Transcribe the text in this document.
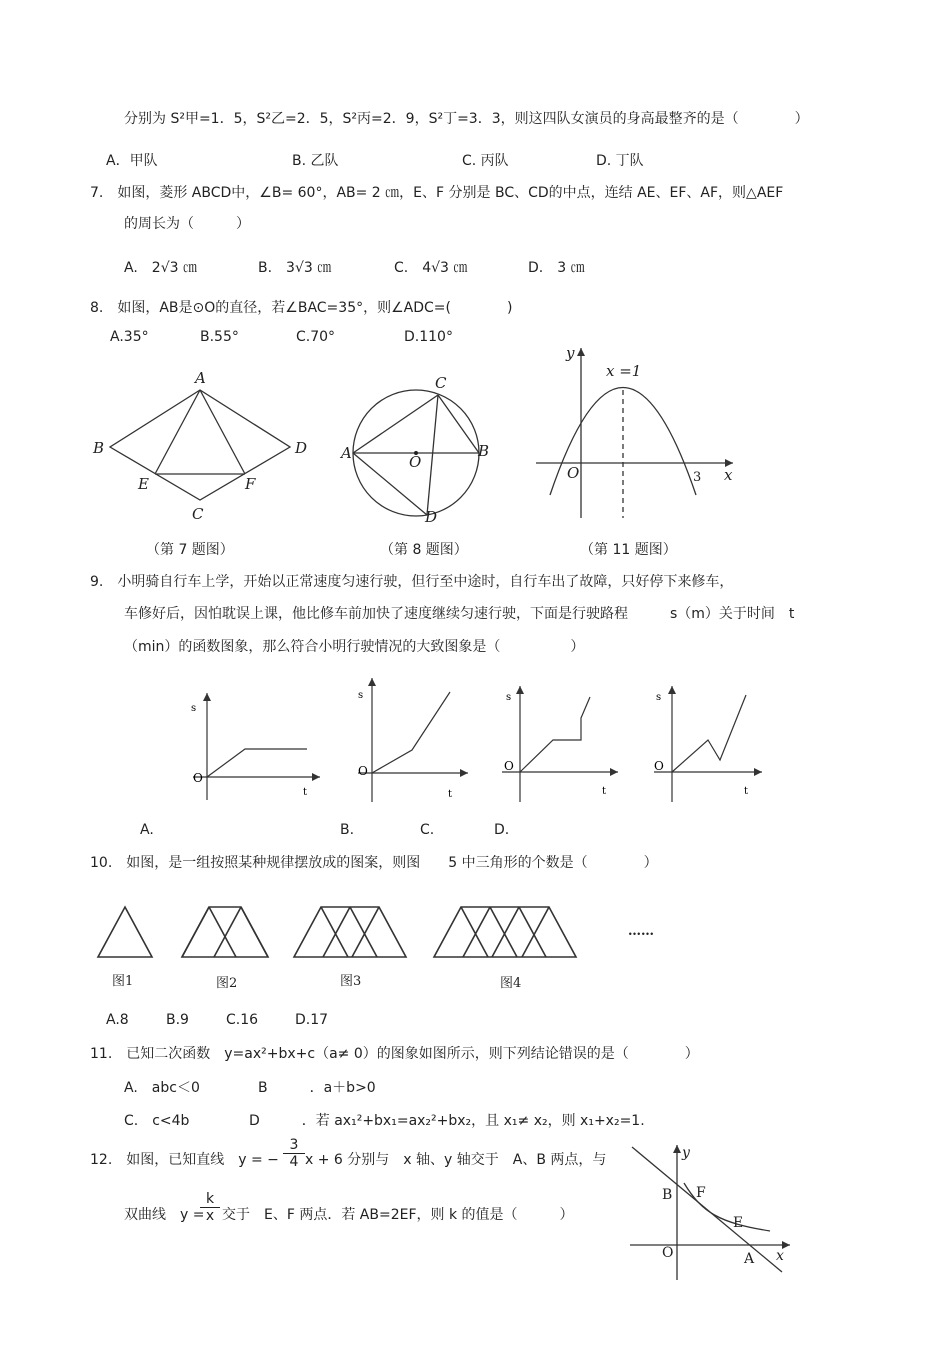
分别为 S²甲=1．5，S²乙=2．5，S²丙=2．9，S²丁=3．3，则这四队女演员的身高最整齐的是（　　　　）
A．甲队	B. 乙队	C. 丙队	D. 丁队
7.　如图，菱形 ABCD中，∠B= 60°，AB= 2 ㎝，E、F 分别是 BC、CD的中点，连结 AE、EF、AF，则△AEF
的周长为（　　　）
A.　2√3 ㎝	B.　3√3 ㎝	C.　4√3 ㎝	D.　3 ㎝
8.　如图，AB是⊙O的直径，若∠BAC=35°，则∠ADC=(　　　　)
A.35°	B.55°	C.70°	D.110°
A
B
C
D
E	F
A	B
C
D
O
y
x
O	3
x =1
（第 7 题图）	（第 8 题图）	（第 11 题图）
9.　小明骑自行车上学，开始以正常速度匀速行驶，但行至中途时，自行车出了故障，只好停下来修车，
车修好后，因怕耽误上课，他比修车前加快了速度继续匀速行驶，下面是行驶路程　　　s（m）关于时间　t
（min）的函数图象，那么符合小明行驶情况的大致图象是（　　　　　）
s
t
O
s
t
O
s
t
O
s
t
O
A.	B.	C.	D.
10.　如图，是一组按照某种规律摆放成的图案，则图　　5 中三角形的个数是（　　　　）
图1	图2	图3	图4
……
A.8	B.9	C.16	D.17
11.　已知二次函数　y=ax²+bx+c（a≠ 0）的图象如图所示，则下列结论错误的是（　　　　）
A.　abc＜0	B　　　．a＋b>0
C.　c<4b	D　　　．若 ax₁²+bx₁=ax₂²+bx₂，且 x₁≠ x₂，则 x₁+x₂=1.
12.　如图，已知直线　y = − $\frac{3}{4}$ x + 6 分别与　x 轴、y 轴交于　A、B 两点，与
双曲线　y =
$\frac{k}{x}$ 交于　E、F 两点．若 AB=2EF，则 k 的值是（　　　）
y
x
O	A
B
E
F
